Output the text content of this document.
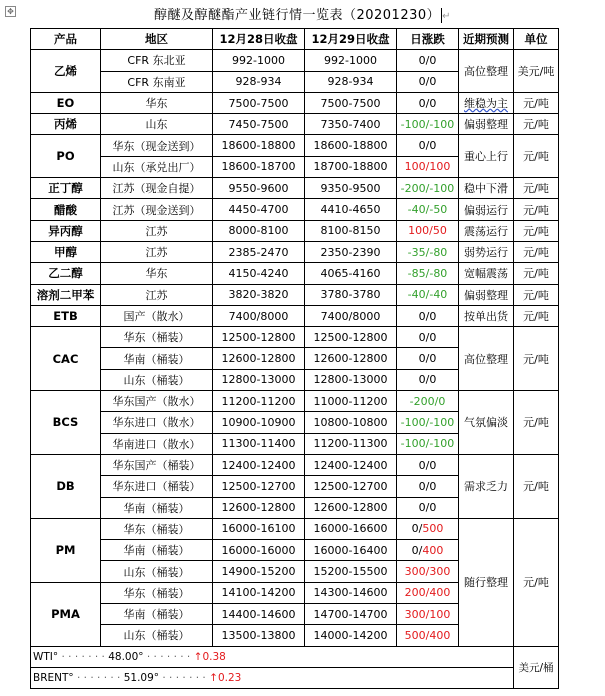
✥	醇醚及醇醚酯产业链行情一览表（20201230） ↵
产品	地区	12月28日收盘	12月29日收盘	日涨跌	近期预测	单位
乙烯	CFR 东北亚	992-1000	992-1000	0/0	高位整理	美元/吨
	CFR 东南亚	928-934	928-934	0/0		
EO	华东	7500-7500	7500-7500	0/0	维稳为主	元/吨
丙烯	山东	7450-7500	7350-7400	-100/-100	偏弱整理	元/吨
PO	华东（现金送到）	18600-18800	18600-18800	0/0	重心上行	元/吨
	山东（承兑出厂）	18600-18700	18700-18800	100/100		
正丁醇	江苏（现金自提）	9550-9600	9350-9500	-200/-100	稳中下滑	元/吨
醋酸	江苏（现金送到）	4450-4700	4410-4650	-40/-50	偏弱运行	元/吨
异丙醇	江苏	8000-8100	8100-8150	100/50	震荡运行	元/吨
甲醇	江苏	2385-2470	2350-2390	-35/-80	弱势运行	元/吨
乙二醇	华东	4150-4240	4065-4160	-85/-80	宽幅震荡	元/吨
溶剂二甲苯	江苏	3820-3820	3780-3780	-40/-40	偏弱整理	元/吨
ETB	国产（散水）	7400/8000	7400/8000	0/0	按单出货	元/吨
CAC	华东（桶装）	12500-12800	12500-12800	0/0	高位整理	元/吨
	华南（桶装）	12600-12800	12600-12800	0/0		
	山东（桶装）	12800-13000	12800-13000	0/0		
BCS	华东国产（散水）	11200-11200	11000-11200	-200/0	气氛偏淡	元/吨
	华东进口（散水）	10900-10900	10800-10800	-100/-100		
	华南进口（散水）	11300-11400	11200-11300	-100/-100		
DB	华东国产（桶装）	12400-12400	12400-12400	0/0	需求乏力	元/吨
	华东进口（桶装）	12500-12700	12500-12700	0/0		
	华南（桶装）	12600-12800	12600-12800	0/0		
PM	华东（桶装）	16000-16100	16000-16600	0/500	随行整理	元/吨
	华南（桶装）	16000-16000	16000-16400	0/400		
	山东（桶装）	14900-15200	15200-15500	300/300		
PMA	华东（桶装）	14100-14200	14300-14600	200/400		
	华南（桶装）	14400-14600	14700-14700	300/100		
	山东（桶装）	13500-13800	14000-14200	500/400		
WTI° · · · · · · · 48.00° · · · · · · · ↑0.38						美元/桶
BRENT° · · · · · · · 51.09° · · · · · · · ↑0.23						
